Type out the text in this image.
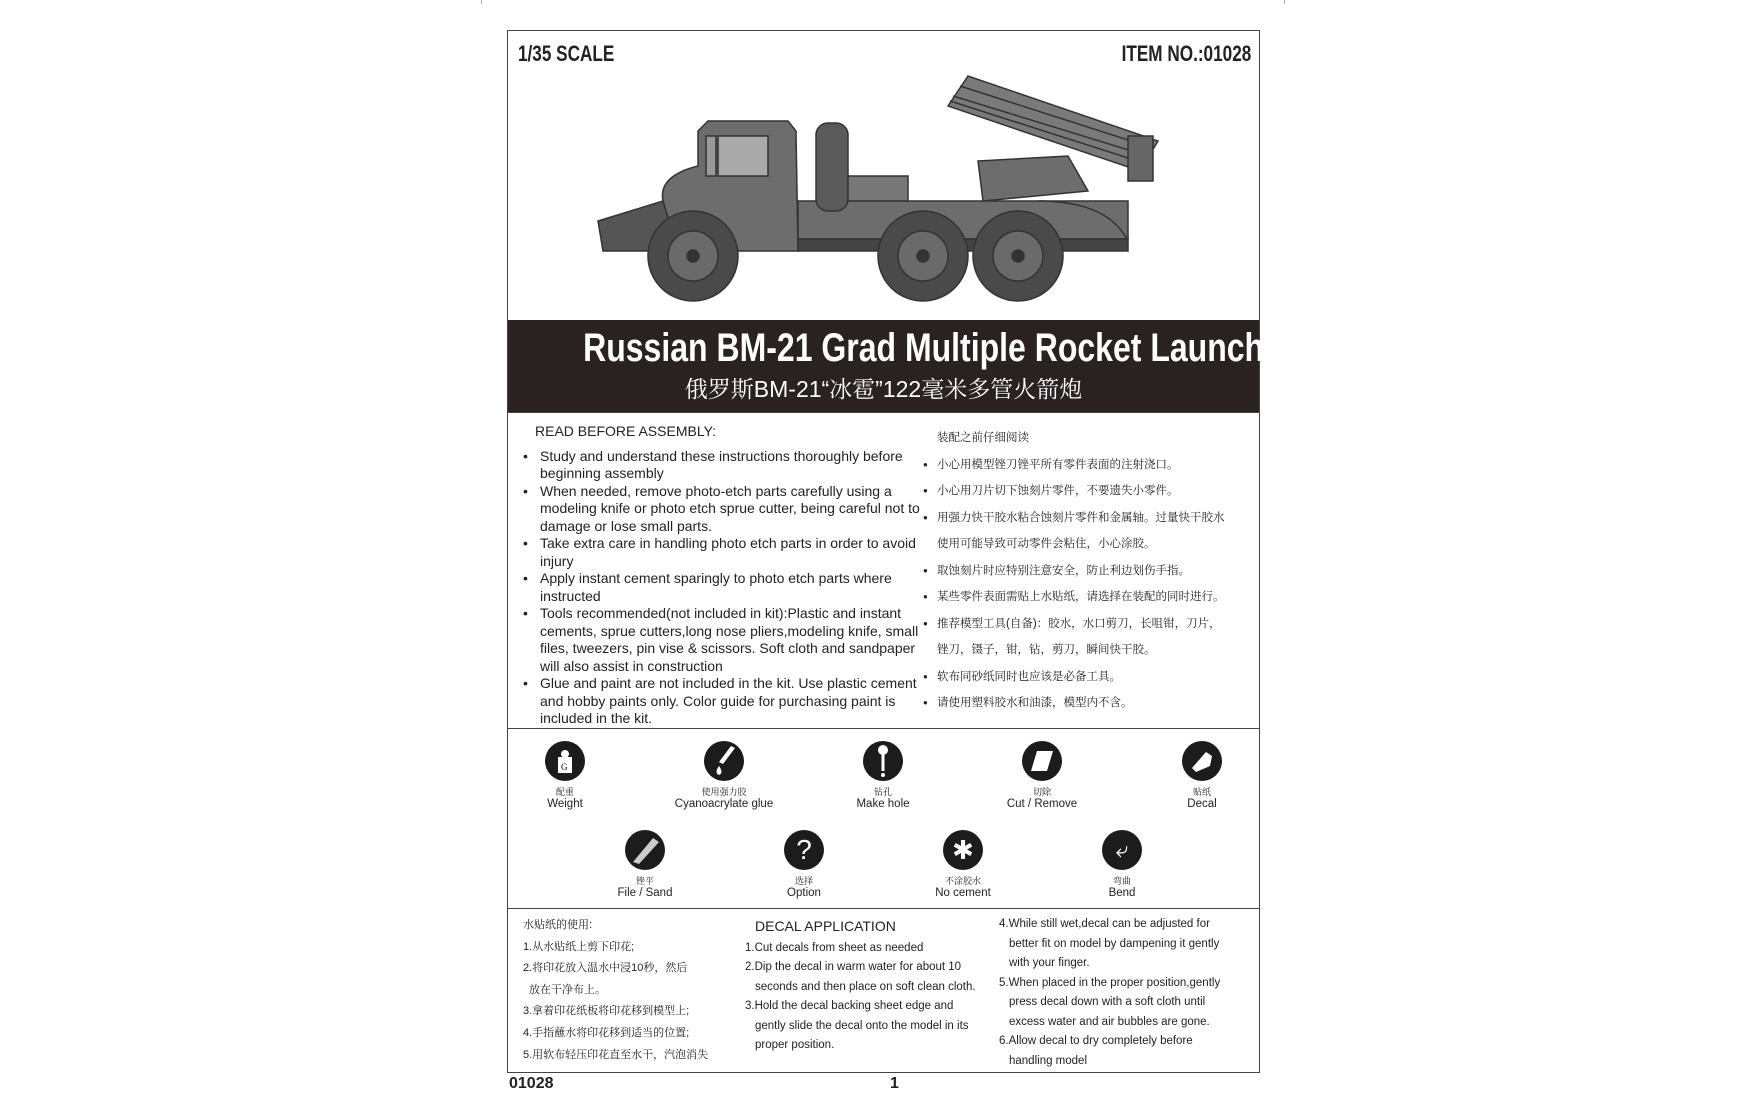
1/35 SCALE	ITEM NO.:01028
Russian BM-21 Grad Multiple Rocket Launcher
俄罗斯BM-21“冰雹”122毫米多管火箭炮
READ BEFORE ASSEMBLY:
• Study and understand these instructions thoroughly before beginning assembly
• When needed, remove photo-etch parts carefully using a modeling knife or photo etch sprue cutter, being careful not to damage or lose small parts.
• Take extra care in handling photo etch parts in order to avoid injury
• Apply instant cement sparingly to photo etch parts where instructed
• Tools recommended(not included in kit):Plastic and instant cements, sprue cutters,long nose pliers,modeling knife, small files, tweezers, pin vise & scissors. Soft cloth and sandpaper will also assist in construction
• Glue and paint are not included in the kit. Use plastic cement and hobby paints only. Color guide for purchasing paint is included in the kit.
装配之前仔细阅读
● 小心用模型锉刀锉平所有零件表面的注射浇口。
● 小心用刀片切下蚀刻片零件，不要遗失小零件。
● 用强力快干胶水粘合蚀刻片零件和金属轴。过量快干胶水
使用可能导致可动零件会粘住，小心涂胶。
● 取蚀刻片时应特别注意安全，防止利边划伤手指。
● 某些零件表面需贴上水贴纸，请选择在装配的同时进行。
● 推荐模型工具(自备)：胶水，水口剪刀，长咀钳，刀片，
锉刀，镊子，钳，钻，剪刀，瞬间快干胶。
● 软布同砂纸同时也应该是必备工具。
● 请使用塑料胶水和油漆，模型内不含。
G
配重
Weight
使用强力胶
Cyanoacrylate glue
钻孔
Make hole
切除
Cut / Remove
贴纸
Decal
锉平
File / Sand
?
选择
Option
✱
不涂胶水
No cement
⤶
弯曲
Bend
水贴纸的使用:
1.从水贴纸上剪下印花;
2.将印花放入温水中浸10秒，然后
放在干净布上。
3.拿着印花纸板将印花移到模型上;
4.手指蘸水将印花移到适当的位置;
5.用软布轻压印花直至水干，汽泡消失
DECAL APPLICATION
1.Cut decals from sheet as needed
2.Dip the decal in warm water for about 10
seconds and then place on soft clean cloth.
3.Hold the decal backing sheet edge and
gently slide the decal onto the model in its
proper position.
4.While still wet,decal can be adjusted for
better fit on model by dampening it gently
with your finger.
5.When placed in the proper position,gently
press decal down with a soft cloth until
excess water and air bubbles are gone.
6.Allow decal to dry completely before
handling model
01028	1
